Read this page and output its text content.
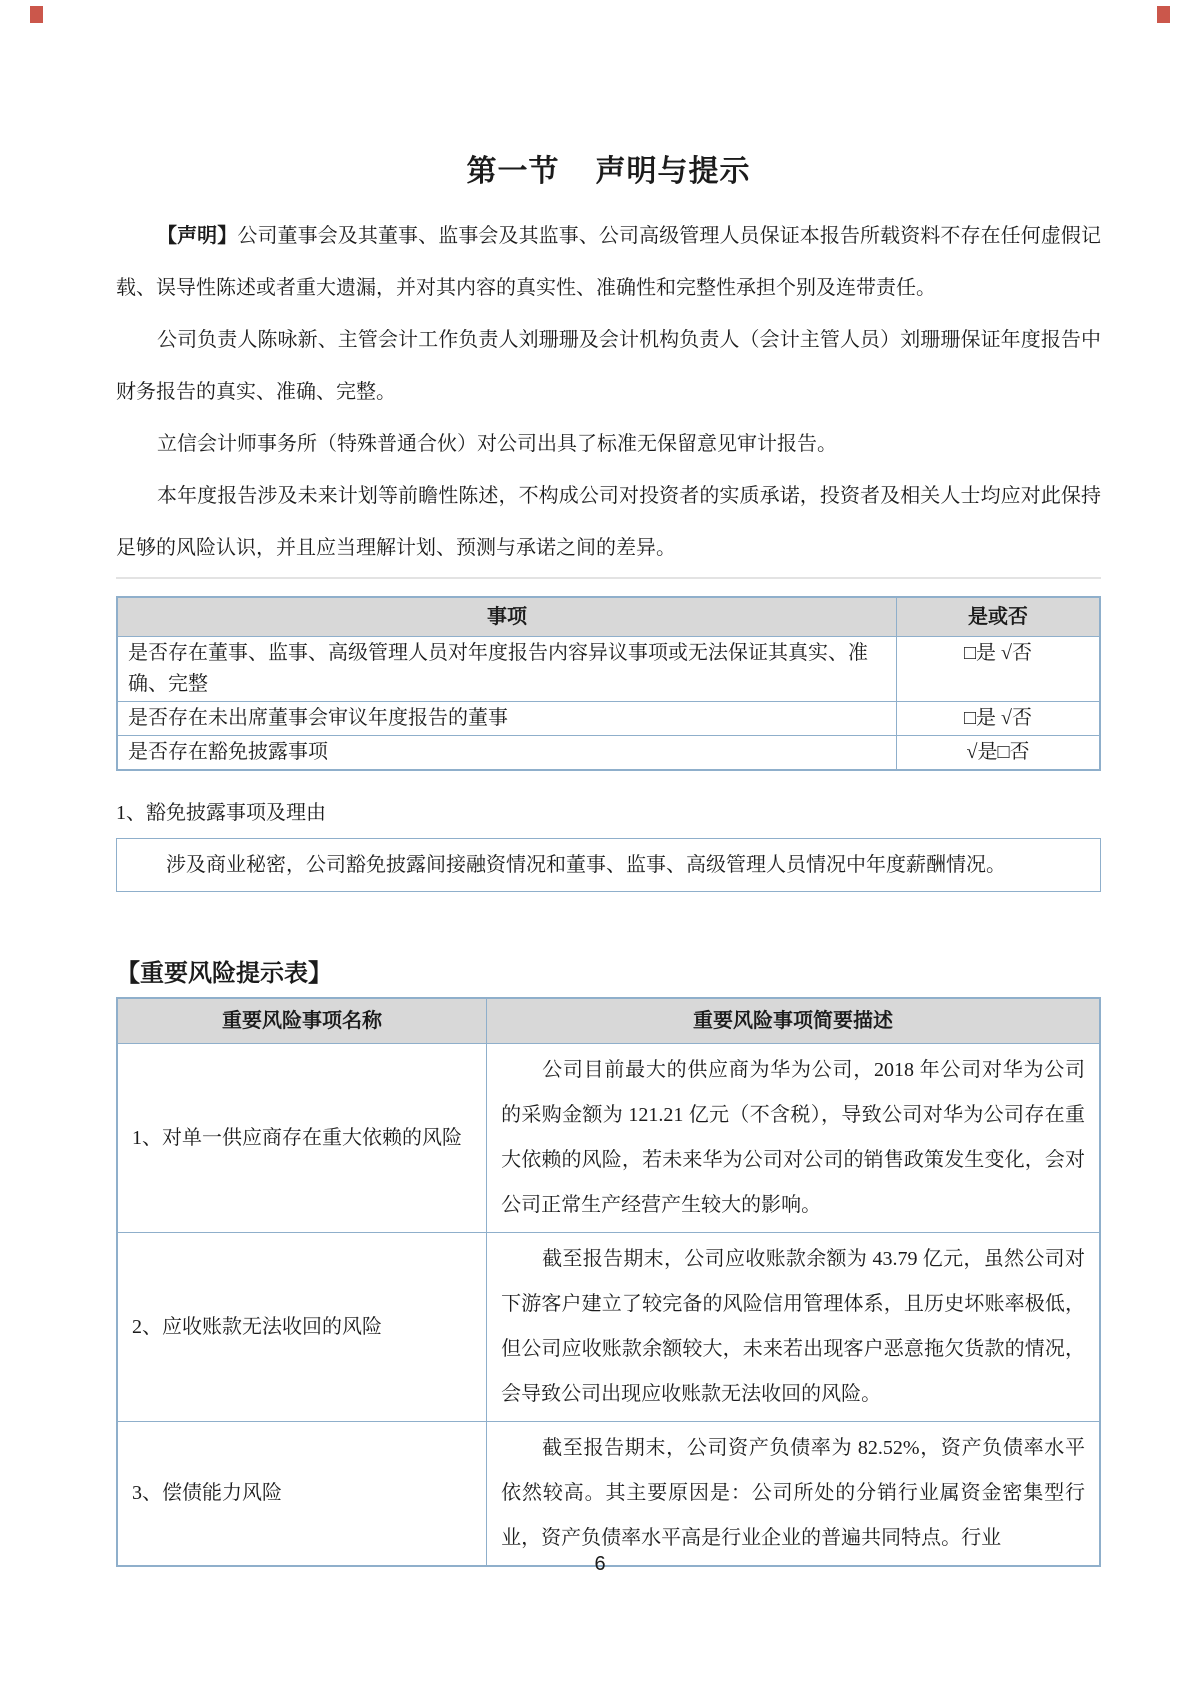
第一节 声明与提示

【声明】公司董事会及其董事、监事会及其监事、公司高级管理人员保证本报告所载资料不存在任何虚假记载、误导性陈述或者重大遗漏，并对其内容的真实性、准确性和完整性承担个别及连带责任。

公司负责人陈咏新、主管会计工作负责人刘珊珊及会计机构负责人（会计主管人员）刘珊珊保证年度报告中财务报告的真实、准确、完整。

立信会计师事务所（特殊普通合伙）对公司出具了标准无保留意见审计报告。

本年度报告涉及未来计划等前瞻性陈述，不构成公司对投资者的实质承诺，投资者及相关人士均应对此保持足够的风险认识，并且应当理解计划、预测与承诺之间的差异。

事项	是或否
是否存在董事、监事、高级管理人员对年度报告内容异议事项或无法保证其真实、准确、完整	□是 √否
是否存在未出席董事会审议年度报告的董事	□是 √否
是否存在豁免披露事项	√是□否
1、豁免披露事项及理由

涉及商业秘密，公司豁免披露间接融资情况和董事、监事、高级管理人员情况中年度薪酬情况。

【重要风险提示表】
重要风险事项名称	重要风险事项简要描述
1、对单一供应商存在重大依赖的风险	公司目前最大的供应商为华为公司，2018 年公司对华为公司的采购金额为 121.21 亿元（不含税），导致公司对华为公司存在重大依赖的风险，若未来华为公司对公司的销售政策发生变化，会对公司正常生产经营产生较大的影响。

2、应收账款无法收回的风险	截至报告期末，公司应收账款余额为 43.79 亿元，虽然公司对下游客户建立了较完备的风险信用管理体系，且历史坏账率极低，但公司应收账款余额较大，未来若出现客户恶意拖欠货款的情况，会导致公司出现应收账款无法收回的风险。

3、偿债能力风险	截至报告期末，公司资产负债率为 82.52%，资产负债率水平依然较高。其主要原因是：公司所处的分销行业属资金密集型行业，资产负债率水平高是行业企业的普遍共同特点。行业

6
